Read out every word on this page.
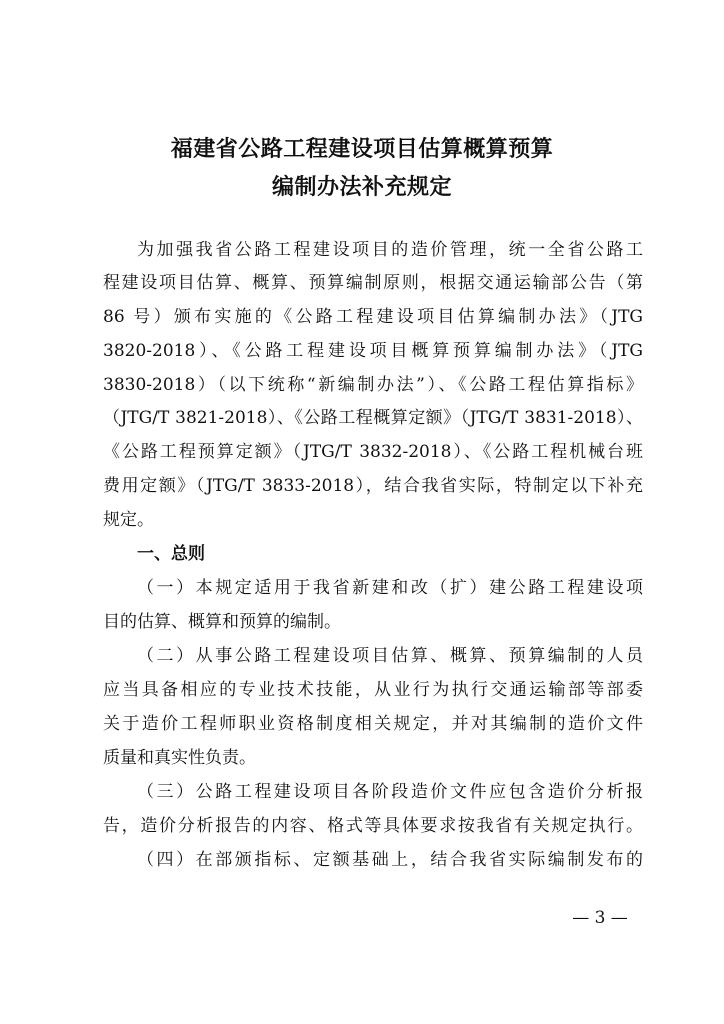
福建省公路工程建设项目估算概算预算
编制办法补充规定
为加强我省公路工程建设项目的造价管理，统一全省公路工
程建设项目估算、概算、预算编制原则，根据交通运输部公告（第
86 号）颁布实施的《公路工程建设项目估算编制办法》（JTG
3820-2018）、《公路工程建设项目概算预算编制办法》（JTG
3830-2018）（以下统称“新编制办法”）、《公路工程估算指标》
（JTG/T 3821-2018）、《公路工程概算定额》（JTG/T 3831-2018）、
《公路工程预算定额》（JTG/T 3832-2018）、《公路工程机械台班
费用定额》（JTG/T 3833-2018），结合我省实际，特制定以下补充
规定。
一、总则
（一）本规定适用于我省新建和改（扩）建公路工程建设项
目的估算、概算和预算的编制。
（二）从事公路工程建设项目估算、概算、预算编制的人员
应当具备相应的专业技术技能，从业行为执行交通运输部等部委
关于造价工程师职业资格制度相关规定，并对其编制的造价文件
质量和真实性负责。
（三）公路工程建设项目各阶段造价文件应包含造价分析报
告，造价分析报告的内容、格式等具体要求按我省有关规定执行。
（四）在部颁指标、定额基础上，结合我省实际编制发布的
— 3 —
